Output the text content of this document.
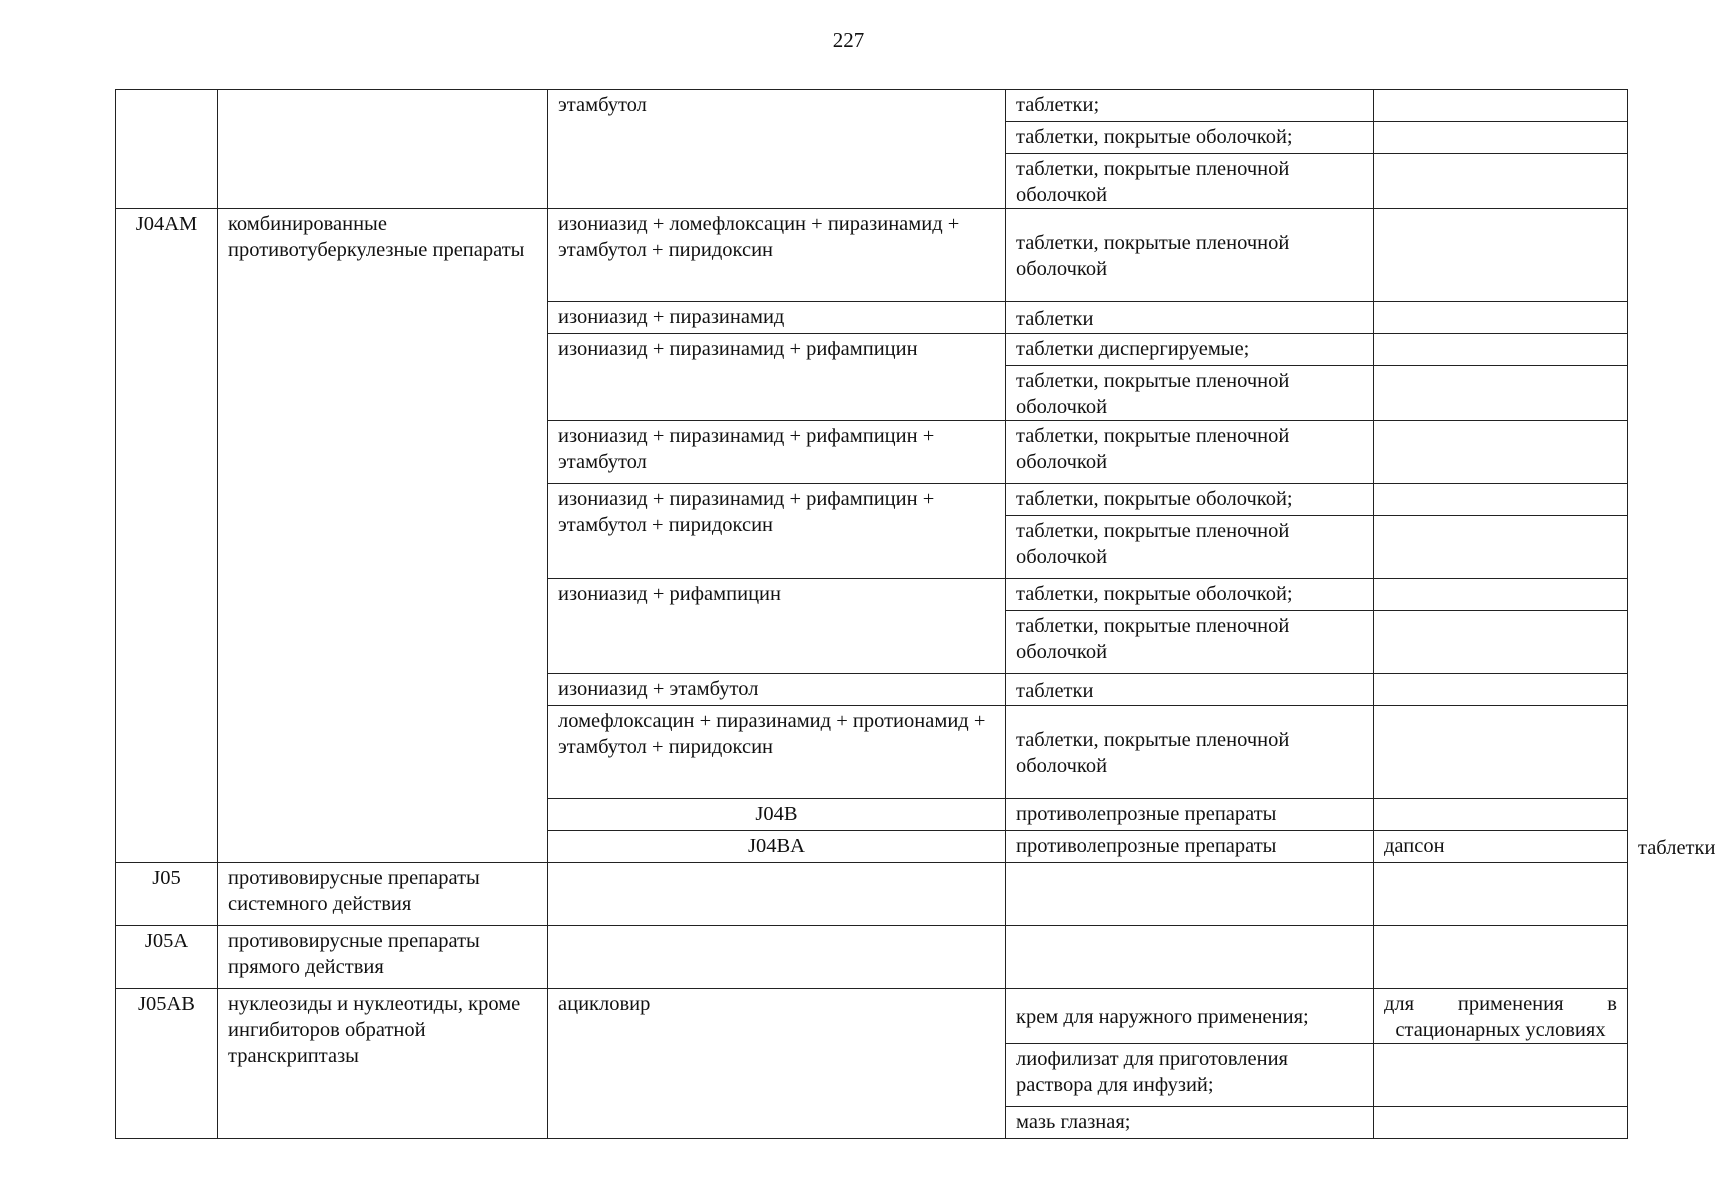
227
		этамбутол	таблетки;		
			таблетки, покрытые оболочкой;		
			таблетки, покрытые пленочной оболочкой		
J04AM	комбинированные противотуберкулезные препараты	изониазид + ломефлоксацин + пиразинамид + этамбутол + пиридоксин	таблетки, покрытые пленочной оболочкой		
		изониазид + пиразинамид	таблетки		
		изониазид + пиразинамид + рифампицин	таблетки диспергируемые;		
			таблетки, покрытые пленочной оболочкой		
		изониазид + пиразинамид + рифампицин + этамбутол	таблетки, покрытые пленочной оболочкой		
		изониазид + пиразинамид + рифампицин + этамбутол + пиридоксин	таблетки, покрытые оболочкой;		
			таблетки, покрытые пленочной оболочкой		
		изониазид + рифампицин	таблетки, покрытые оболочкой;		
			таблетки, покрытые пленочной оболочкой		
		изониазид + этамбутол	таблетки		
		ломефлоксацин + пиразинамид + протионамид + этамбутол + пиридоксин	таблетки, покрытые пленочной оболочкой		
		J04B	противолепрозные препараты			
		J04BA	противолепрозные препараты	дапсон	таблетки	
J05	противовирусные препараты системного действия				
J05A	противовирусные препараты прямого действия				
J05AB	нуклеозиды и нуклеотиды, кроме ингибиторов обратной транскриптазы	ацикловир	крем для наружного применения;	для применения в стационарных условиях	
			лиофилизат для приготовления раствора для инфузий;		
			мазь глазная;		
